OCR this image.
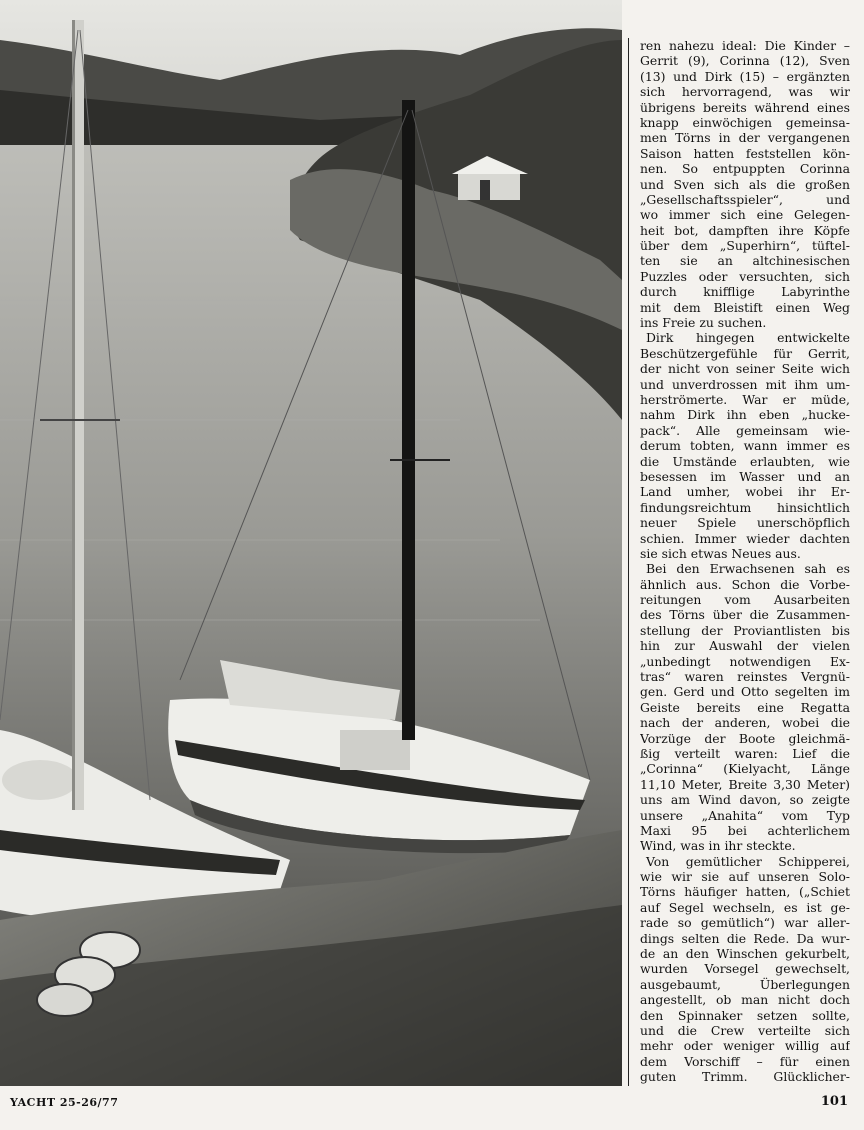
ren nahezu ideal: Die Kinder –
Gerrit (9), Corinna (12), Sven
(13) und Dirk (15) – ergänzten
sich hervorragend, was wir
übrigens bereits während eines
knapp einwöchigen gemeinsa-
men Törns in der vergangenen
Saison hatten feststellen kön-
nen. So entpuppten Corinna
und Sven sich als die großen
„Gesellschaftsspieler“, und
wo immer sich eine Gelegen-
heit bot, dampften ihre Köpfe
über dem „Superhirn“, tüftel-
ten sie an altchinesischen
Puzzles oder versuchten, sich
durch knifflige Labyrinthe
mit dem Bleistift einen Weg
ins Freie zu suchen.
Dirk hingegen entwickelte
Beschützergefühle für Gerrit,
der nicht von seiner Seite wich
und unverdrossen mit ihm um-
herströmerte. War er müde,
nahm Dirk ihn eben „hucke-
pack“. Alle gemeinsam wie-
derum tobten, wann immer es
die Umstände erlaubten, wie
besessen im Wasser und an
Land umher, wobei ihr Er-
findungsreichtum hinsichtlich
neuer Spiele unerschöpflich
schien. Immer wieder dachten
sie sich etwas Neues aus.
Bei den Erwachsenen sah es
ähnlich aus. Schon die Vorbe-
reitungen vom Ausarbeiten
des Törns über die Zusammen-
stellung der Proviantlisten bis
hin zur Auswahl der vielen
„unbedingt notwendigen Ex-
tras“ waren reinstes Vergnü-
gen. Gerd und Otto segelten im
Geiste bereits eine Regatta
nach der anderen, wobei die
Vorzüge der Boote gleichmä-
ßig verteilt waren: Lief die
„Corinna“ (Kielyacht, Länge
11,10 Meter, Breite 3,30 Meter)
uns am Wind davon, so zeigte
unsere „Anahita“ vom Typ
Maxi 95 bei achterlichem
Wind, was in ihr steckte.
Von gemütlicher Schipperei,
wie wir sie auf unseren Solo-
Törns häufiger hatten, („Schiet
auf Segel wechseln, es ist ge-
rade so gemütlich“) war aller-
dings selten die Rede. Da wur-
de an den Winschen gekurbelt,
wurden Vorsegel gewechselt,
ausgebaumt, Überlegungen
angestellt, ob man nicht doch
den Spinnaker setzen sollte,
und die Crew verteilte sich
mehr oder weniger willig auf
dem Vorschiff – für einen
guten Trimm. Glücklicher-
YACHT 25-26/77	101
